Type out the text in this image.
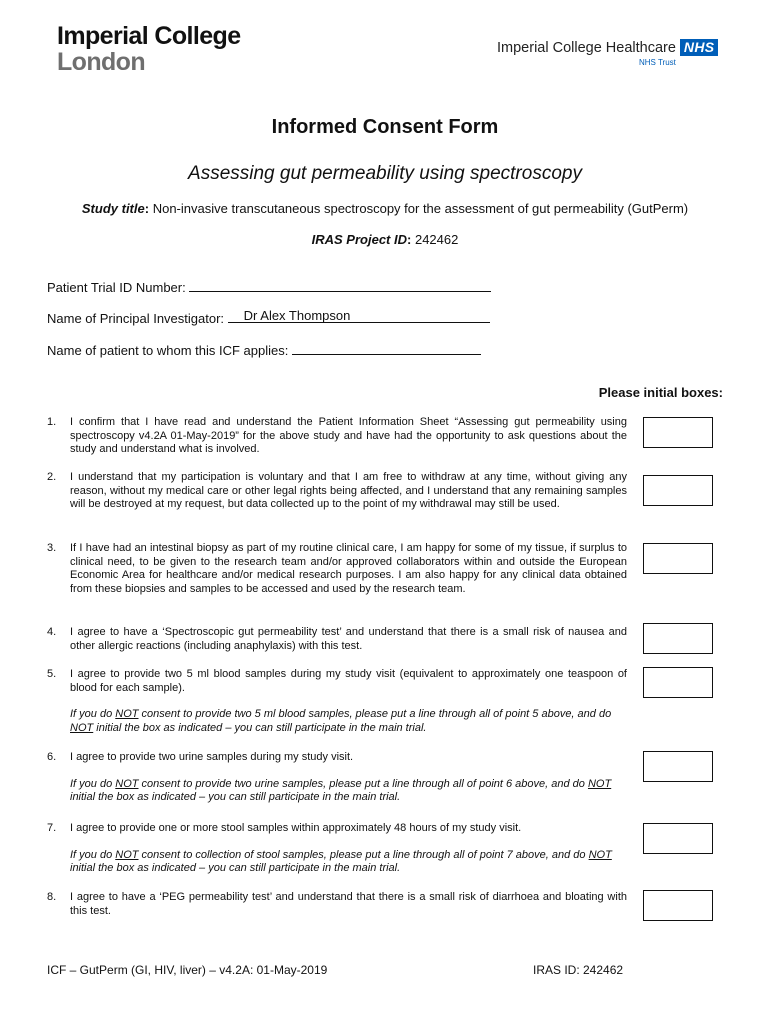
Imperial College
London
Imperial College Healthcare NHS
NHS Trust
Informed Consent Form
Assessing gut permeability using spectroscopy
Study title: Non-invasive transcutaneous spectroscopy for the assessment of gut permeability (GutPerm)
IRAS Project ID: 242462
Patient Trial ID Number:
Name of Principal Investigator: Dr Alex Thompson
Name of patient to whom this ICF applies:
Please initial boxes:
1. I confirm that I have read and understand the Patient Information Sheet “Assessing gut permeability using spectroscopy v4.2A 01-May-2019” for the above study and have had the opportunity to ask questions about the study and understand what is involved.
2. I understand that my participation is voluntary and that I am free to withdraw at any time, without giving any reason, without my medical care or other legal rights being affected, and I understand that any remaining samples will be destroyed at my request, but data collected up to the point of my withdrawal may still be used.
3. If I have had an intestinal biopsy as part of my routine clinical care, I am happy for some of my tissue, if surplus to clinical need, to be given to the research team and/or approved collaborators within and outside the European Economic Area for healthcare and/or medical research purposes. I am also happy for any clinical data obtained from these biopsies and samples to be accessed and used by the research team.
4. I agree to have a ‘Spectroscopic gut permeability test’ and understand that there is a small risk of nausea and other allergic reactions (including anaphylaxis) with this test.
5. I agree to provide two 5 ml blood samples during my study visit (equivalent to approximately one teaspoon of blood for each sample).
If you do NOT consent to provide two 5 ml blood samples, please put a line through all of point 5 above, and do NOT initial the box as indicated – you can still participate in the main trial.
6. I agree to provide two urine samples during my study visit.
If you do NOT consent to provide two urine samples, please put a line through all of point 6 above, and do NOT initial the box as indicated – you can still participate in the main trial.
7. I agree to provide one or more stool samples within approximately 48 hours of my study visit.
If you do NOT consent to collection of stool samples, please put a line through all of point 7 above, and do NOT initial the box as indicated – you can still participate in the main trial.
8. I agree to have a ‘PEG permeability test’ and understand that there is a small risk of diarrhoea and bloating with this test.
ICF – GutPerm (GI, HIV, liver) – v4.2A: 01-May-2019	IRAS ID: 242462
